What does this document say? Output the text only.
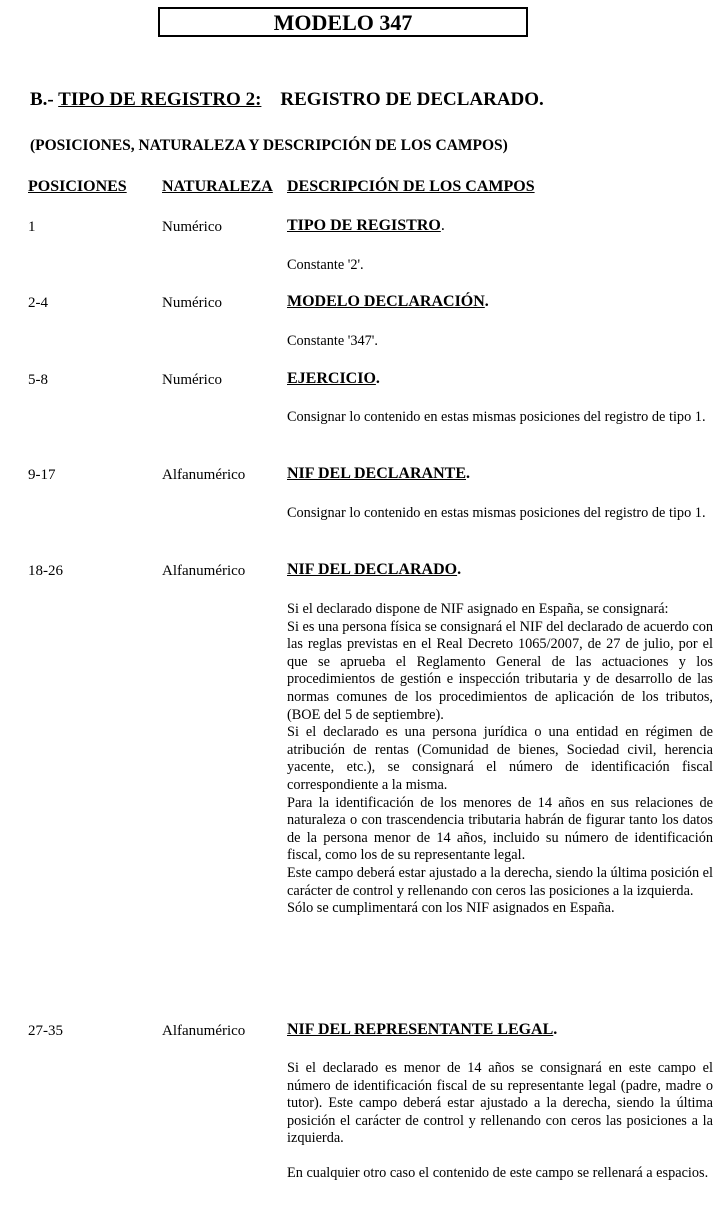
MODELO 347
B.- TIPO DE REGISTRO 2: REGISTRO DE DECLARADO.
(POSICIONES, NATURALEZA Y DESCRIPCIÓN DE LOS CAMPOS)
POSICIONES NATURALEZA DESCRIPCIÓN DE LOS CAMPOS
1	Numérico	TIPO DE REGISTRO.

Constante '2'.

2-4	Numérico	MODELO DECLARACIÓN.

Constante '347'.

5-8	Numérico	EJERCICIO.

Consignar lo contenido en estas mismas posiciones del registro de tipo 1.

9-17	Alfanumérico	NIF DEL DECLARANTE.

Consignar lo contenido en estas mismas posiciones del registro de tipo 1.

18-26	Alfanumérico	NIF DEL DECLARADO.

Si el declarado dispone de NIF asignado en España, se consignará:

Si es una persona física se consignará el NIF del declarado de acuerdo con las reglas previstas en el Real Decreto 1065/2007, de 27 de julio, por el que se aprueba el Reglamento General de las actuaciones y los procedimientos de gestión e inspección tributaria y de desarrollo de las normas comunes de los procedimientos de aplicación de los tributos, (BOE del 5 de septiembre).

Si el declarado es una persona jurídica o una entidad en régimen de atribución de rentas (Comunidad de bienes, Sociedad civil, herencia yacente, etc.), se consignará el número de identificación fiscal correspondiente a la misma.

Para la identificación de los menores de 14 años en sus relaciones de naturaleza o con trascendencia tributaria habrán de figurar tanto los datos de la persona menor de 14 años, incluido su número de identificación fiscal, como los de su representante legal.

Este campo deberá estar ajustado a la derecha, siendo la última posición el carácter de control y rellenando con ceros las posiciones a la izquierda.

Sólo se cumplimentará con los NIF asignados en España.

27-35	Alfanumérico	NIF DEL REPRESENTANTE LEGAL.

Si el declarado es menor de 14 años se consignará en este campo el número de identificación fiscal de su representante legal (padre, madre o tutor). Este campo deberá estar ajustado a la derecha, siendo la última posición el carácter de control y rellenando con ceros las posiciones a la izquierda.

En cualquier otro caso el contenido de este campo se rellenará a espacios.
